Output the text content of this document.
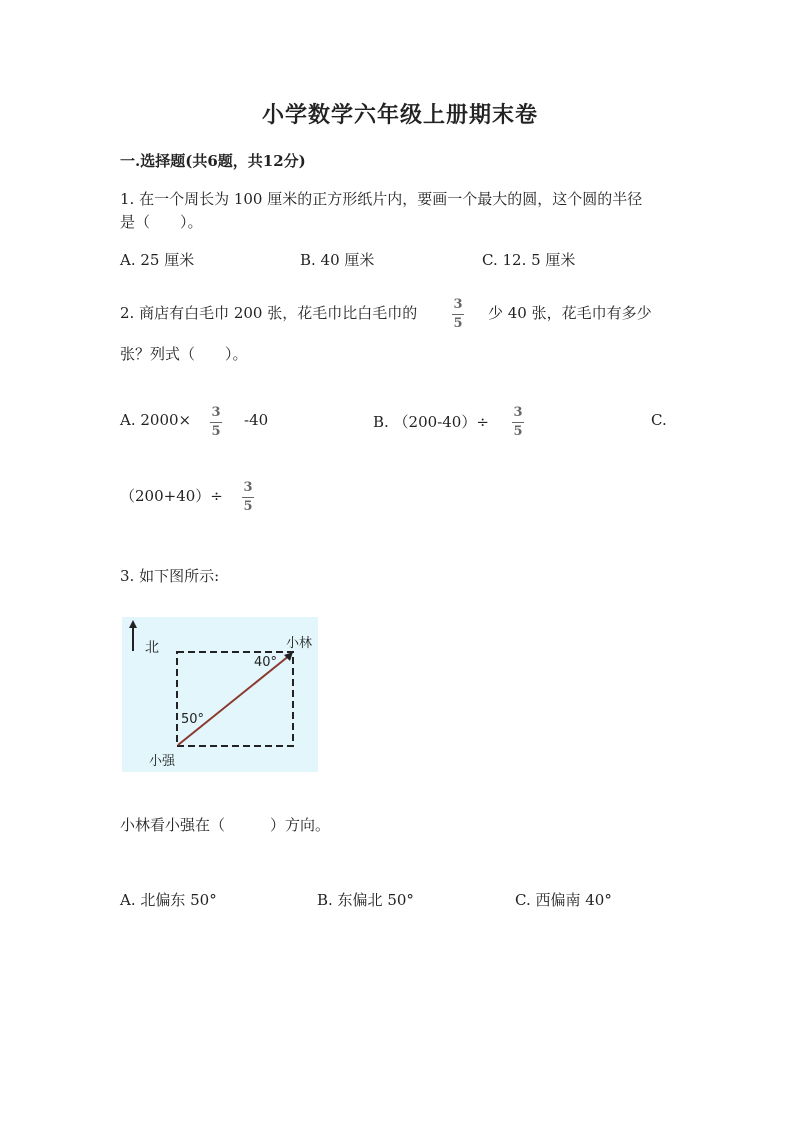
小学数学六年级上册期末卷
一.选择题(共6题，共12分)
1. 在一个周长为 100 厘米的正方形纸片内，要画一个最大的圆，这个圆的半径
是（　　）。
A. 25 厘米	B. 40 厘米	C. 12. 5 厘米
2. 商店有白毛巾 200 张，花毛巾比白毛巾的	3
5
少 40 张，花毛巾有多少
张？列式（　　）。
A. 2000× 3
5
-40	B. （200-40）÷
3
5
C.
（200+40）÷ 3
5
3. 如下图所示:
北	小林
40°
50°
小强
小林看小强在（　　　）方向。
A. 北偏东 50°	B. 东偏北 50°	C. 西偏南 40°
